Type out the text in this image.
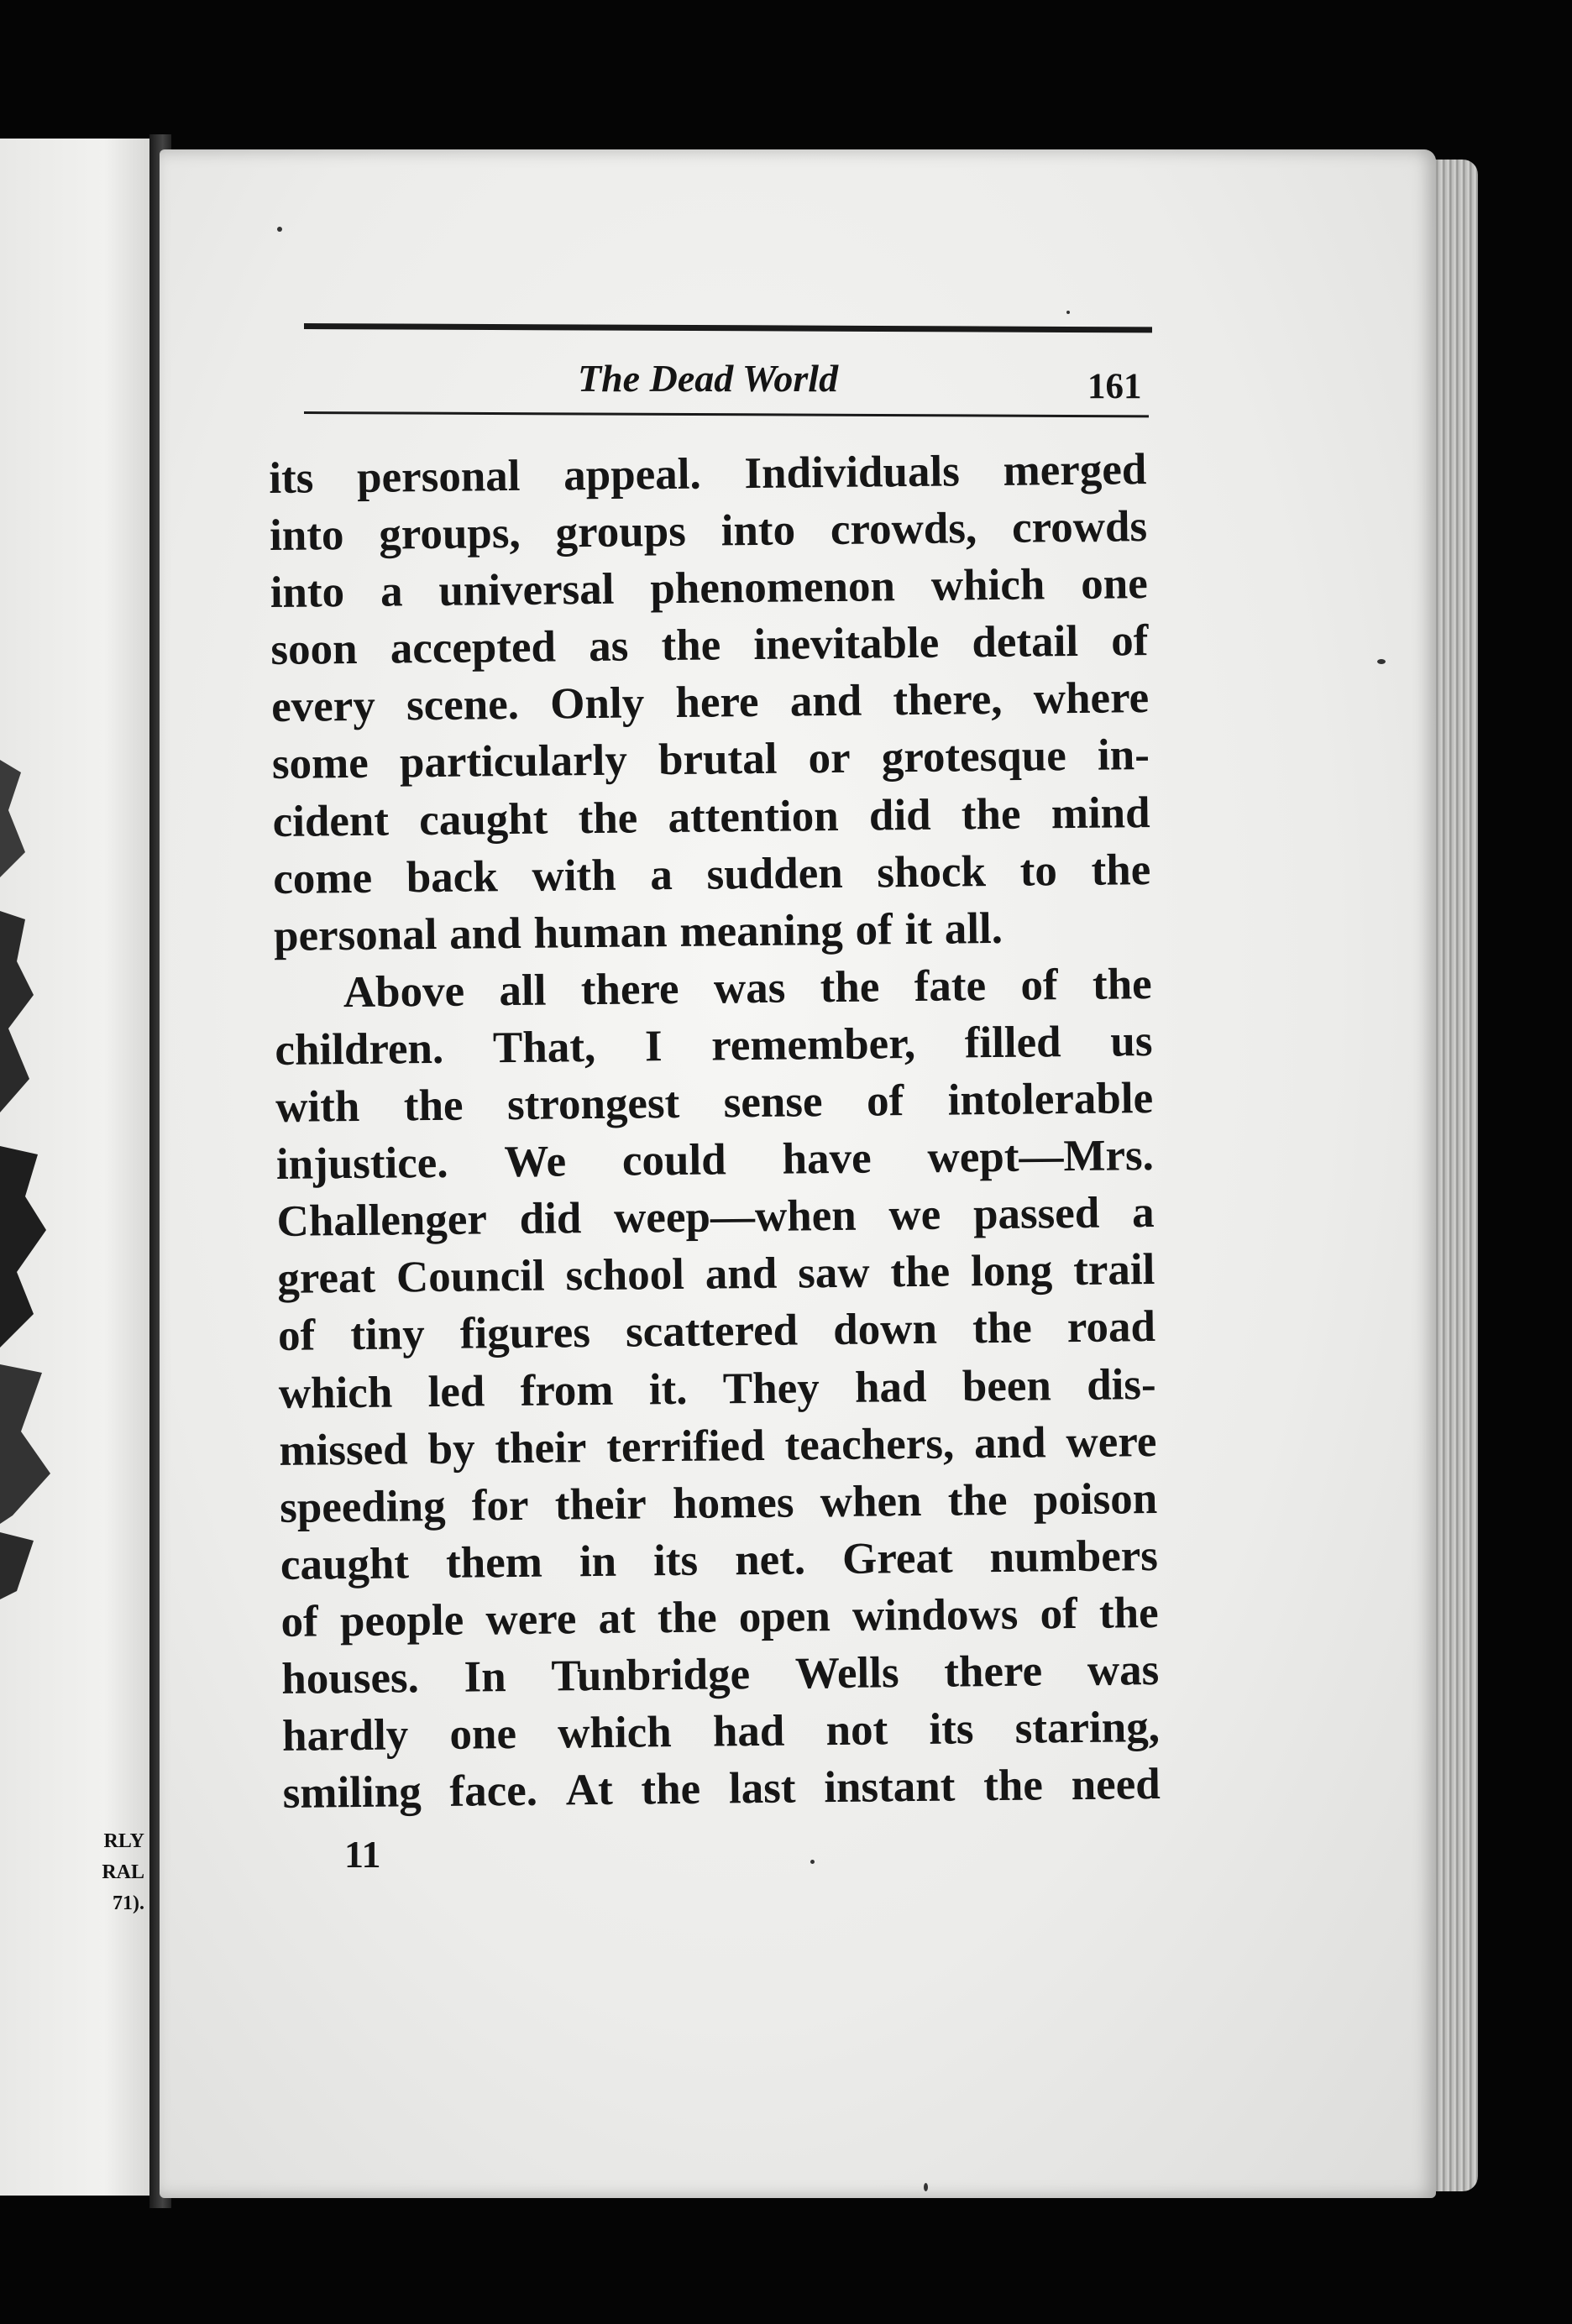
RLY
RAL
71).
The Dead World	161
its personal appeal. Individuals merged
into groups, groups into crowds, crowds
into a universal phenomenon which one
soon accepted as the inevitable detail of
every scene. Only here and there, where
some particularly brutal or grotesque in-
cident caught the attention did the mind
come back with a sudden shock to the
personal and human meaning of it all.
Above all there was the fate of the
children. That, I remember, filled us
with the strongest sense of intolerable
injustice. We could have wept—Mrs.
Challenger did weep—when we passed a
great Council school and saw the long trail
of tiny figures scattered down the road
which led from it. They had been dis-
missed by their terrified teachers, and were
speeding for their homes when the poison
caught them in its net. Great numbers
of people were at the open windows of the
houses. In Tunbridge Wells there was
hardly one which had not its staring,
smiling face. At the last instant the need
11
